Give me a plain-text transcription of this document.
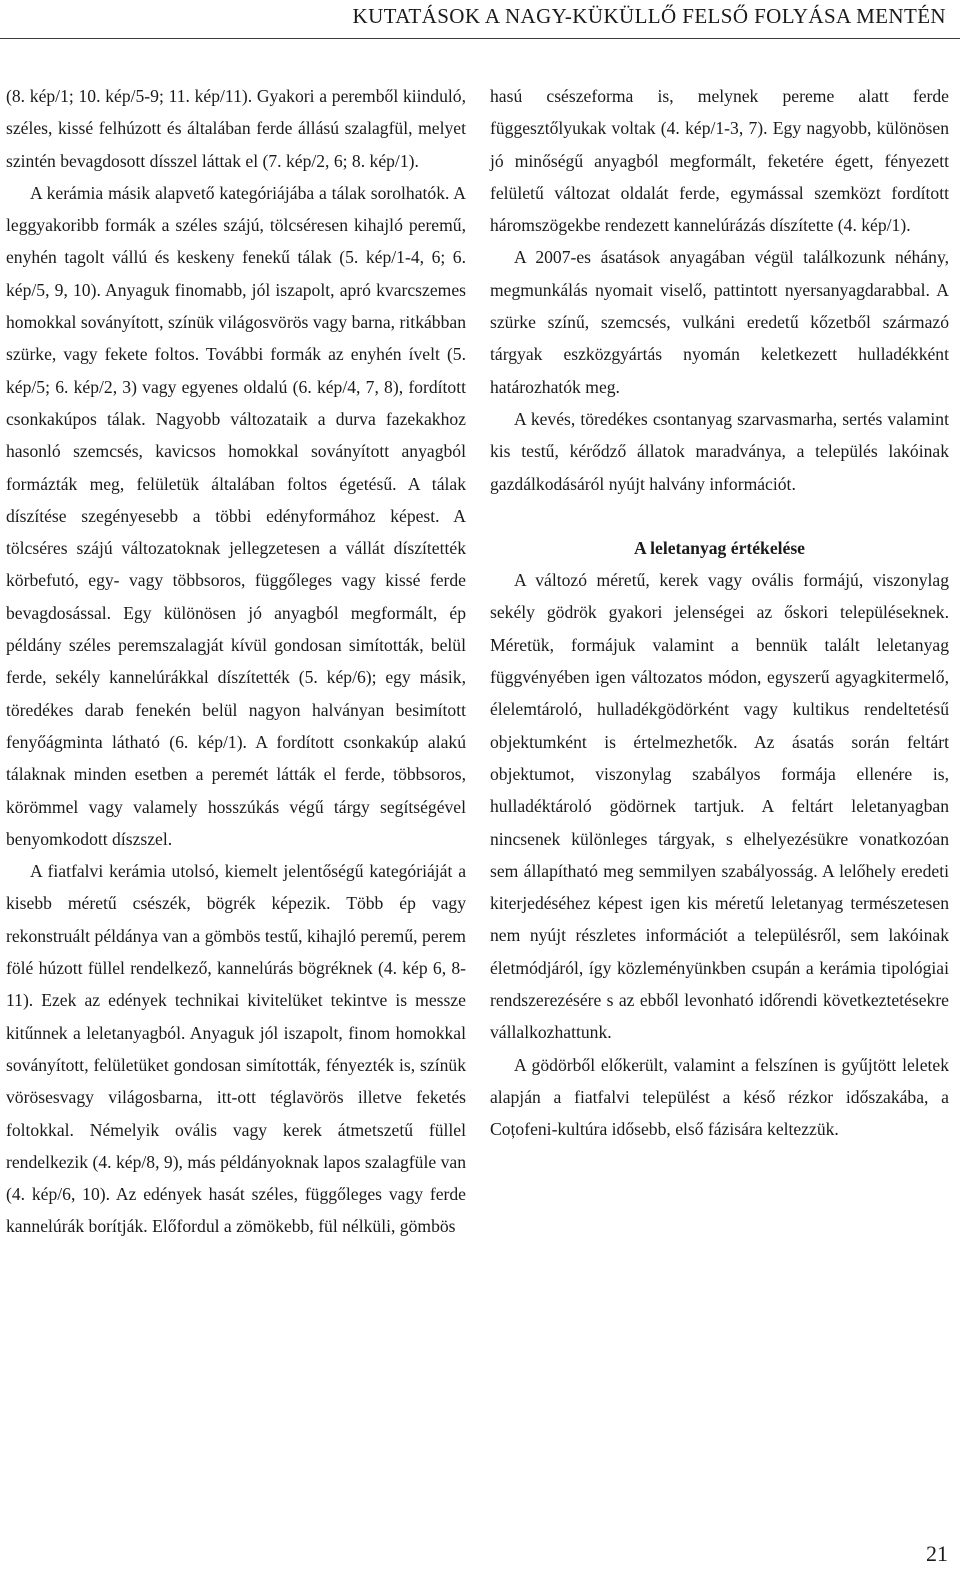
KUTATÁSOK A NAGY-KÜKÜLLŐ FELSŐ FOLYÁSA MENTÉN

(8. kép/1; 10. kép/5-9; 11. kép/11). Gyakori a peremből kiinduló, széles, kissé felhúzott és általában ferde állású szalagfül, melyet szintén bevagdosott dísszel láttak el (7. kép/2, 6; 8. kép/1).

A kerámia másik alapvető kategóriájába a tálak sorolhatók. A leggyakoribb formák a széles szájú, tölcséresen kihajló peremű, enyhén tagolt vállú és keskeny fenekű tálak (5. kép/1-4, 6; 6. kép/5, 9, 10). Anyaguk finomabb, jól iszapolt, apró kvarcszemes homokkal soványított, színük világosvörös vagy barna, ritkábban szürke, vagy fekete foltos. További formák az enyhén ívelt (5. kép/5; 6. kép/2, 3) vagy egyenes oldalú (6. kép/4, 7, 8), fordított csonkakúpos tálak. Nagyobb változataik a durva fazekakhoz hasonló szemcsés, kavicsos homokkal soványított anyagból formázták meg, felületük általában foltos égetésű. A tálak díszítése szegényesebb a többi edényformához képest. A tölcséres szájú változatoknak jellegzetesen a vállát díszítették körbefutó, egy- vagy többsoros, függőleges vagy kissé ferde bevagdosással. Egy különösen jó anyagból megformált, ép példány széles peremszalagját kívül gondosan simították, belül ferde, sekély kannelúrákkal díszítették (5. kép/6); egy másik, töredékes darab fenekén belül nagyon halványan besimított fenyőágminta látható (6. kép/1). A fordított csonkakúp alakú tálaknak minden esetben a peremét látták el ferde, többsoros, körömmel vagy valamely hosszúkás végű tárgy segítségével benyomkodott díszszel.

A fiatfalvi kerámia utolsó, kiemelt jelentőségű kategóriáját a kisebb méretű csészék, bögrék képezik. Több ép vagy rekonstruált példánya van a gömbös testű, kihajló peremű, perem fölé húzott füllel rendelkező, kannelúrás bögréknek (4. kép 6, 8-11). Ezek az edények technikai kivitelüket tekintve is messze kitűnnek a leletanyagból. Anyaguk jól iszapolt, finom homokkal soványított, felületüket gondosan simították, fényezték is, színük vörösesvagy világosbarna, itt-ott téglavörös illetve feketés foltokkal. Némelyik ovális vagy kerek átmetszetű füllel rendelkezik (4. kép/8, 9), más példányoknak lapos szalagfüle van (4. kép/6, 10). Az edények hasát széles, függőleges vagy ferde kannelúrák borítják. Előfordul a zömökebb, fül nélküli, gömbös

hasú csészeforma is, melynek pereme alatt ferde függesztőlyukak voltak (4. kép/1-3, 7). Egy nagyobb, különösen jó minőségű anyagból megformált, feketére égett, fényezett felületű változat oldalát ferde, egymással szemközt fordított háromszögekbe rendezett kannelúrázás díszítette (4. kép/1).

A 2007-es ásatások anyagában végül találkozunk néhány, megmunkálás nyomait viselő, pattintott nyersanyagdarabbal. A szürke színű, szemcsés, vulkáni eredetű kőzetből származó tárgyak eszközgyártás nyomán keletkezett hulladékként határozhatók meg.

A kevés, töredékes csontanyag szarvasmarha, sertés valamint kis testű, kérődző állatok maradványa, a település lakóinak gazdálkodásáról nyújt halvány információt.

A leletanyag értékelése

A változó méretű, kerek vagy ovális formájú, viszonylag sekély gödrök gyakori jelenségei az őskori településeknek. Méretük, formájuk valamint a bennük talált leletanyag függvényében igen változatos módon, egyszerű agyagkitermelő, élelemtároló, hulladékgödörként vagy kultikus rendeltetésű objektumként is értelmezhetők. Az ásatás során feltárt objektumot, viszonylag szabályos formája ellenére is, hulladéktároló gödörnek tartjuk. A feltárt leletanyagban nincsenek különleges tárgyak, s elhelyezésükre vonatkozóan sem állapítható meg semmilyen szabályosság. A lelőhely eredeti kiterjedéséhez képest igen kis méretű leletanyag természetesen nem nyújt részletes információt a településről, sem lakóinak életmódjáról, így közleményünkben csupán a kerámia tipológiai rendszerezésére s az ebből levonható időrendi következtetésekre vállalkozhattunk.

A gödörből előkerült, valamint a felszínen is gyűjtött leletek alapján a fiatfalvi települést a késő rézkor időszakába, a Coțofeni-kultúra idősebb, első fázisára keltezzük.

21
